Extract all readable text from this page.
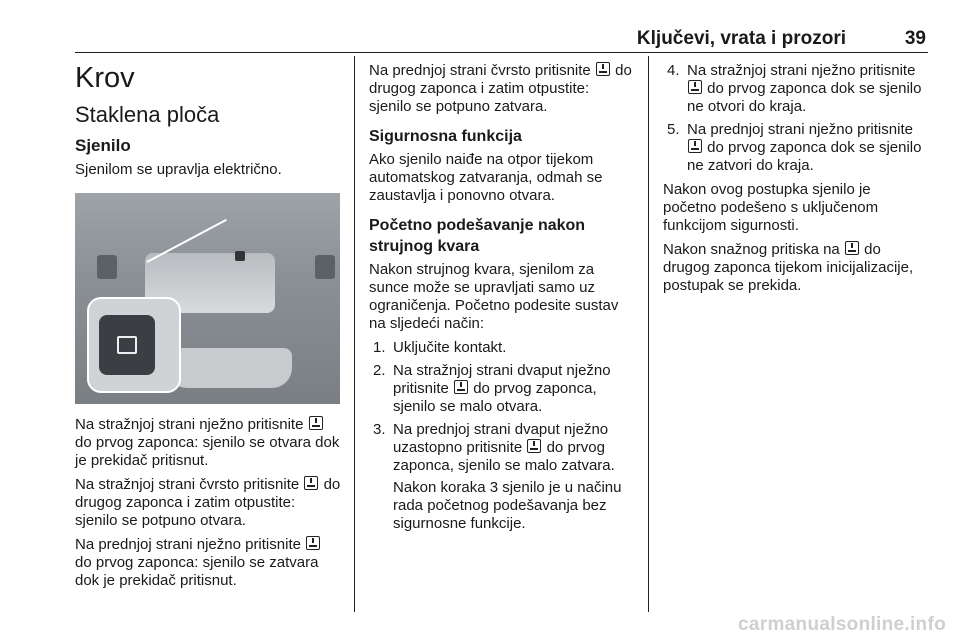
Ključevi, vrata i prozori	39
Krov
Staklena ploča
Sjenilo

Sjenilom se upravlja električno.

Na stražnjoj strani nježno pritisnite  do prvog zaponca: sjenilo se otvara dok je prekidač pritisnut.

Na stražnjoj strani čvrsto pritisnite do drugog zaponca i zatim otpustite: sjenilo se potpuno otvara.

Na prednjoj strani nježno pritisnite  do prvog zaponca: sjenilo se zatvara dok je prekidač pritisnut.

Na prednjoj strani čvrsto pritisnite do drugog zaponca i zatim otpustite: sjenilo se potpuno zatvara.

Sigurnosna funkcija

Ako sjenilo naiđe na otpor tijekom automatskog zatvaranja, odmah se zaustavlja i ponovno otvara.

Početno podešavanje nakon strujnog kvara

Nakon strujnog kvara, sjenilom za sunce može se upravljati samo uz ograničenja. Početno podesite sustav na sljedeći način:

1. Uključite kontakt.
2. Na stražnjoj strani dvaput nježno pritisnite do prvog zaponca, sjenilo se malo otvara.
3. Na prednjoj strani dvaput nježno uzastopno pritisnite do prvog zaponca, sjenilo se malo zatvara.

Nakon koraka 3 sjenilo je u načinu rada početnog podešavanja bez sigurnosne funkcije.

4. Na stražnjoj strani nježno pritisnite  do prvog zaponca dok se sjenilo ne otvori do kraja.
5. Na prednjoj strani nježno pritisnite  do prvog zaponca dok se sjenilo ne zatvori do kraja.

Nakon ovog postupka sjenilo je početno podešeno s uključenom funkcijom sigurnosti.

Nakon snažnog pritiska na do drugog zaponca tijekom inicijalizacije, postupak se prekida.

carmanualsonline.info
